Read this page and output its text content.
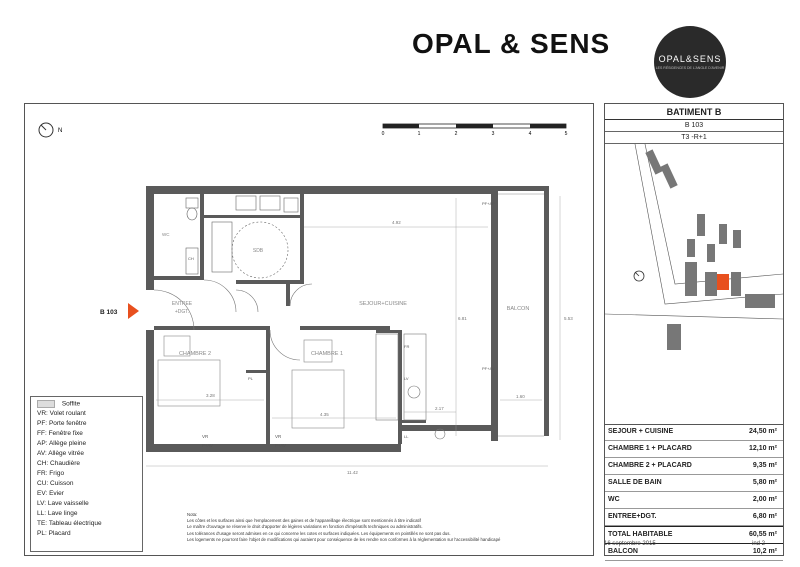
OPAL & SENS	OPAL&SENS
LES RÉSIDENCES DE L'ANGLE D'AVENIR
N	0	1	2	3	4	5
SDB
ENTREE
+DGT.
SEJOUR+CUISINE
BALCON
CHAMBRE 2	CHAMBRE 1
WC
4.92
11.42
3.28
4.35
2.17
1.60
5.53
6.81
VR
F+AV
VR
F+AV
PF+AP
PF+AV
FR
LV
LL
CH
PL
B 103
Soffite
VR: Volet roulant
PF: Porte fenêtre
FF: Fenêtre fixe
AP: Allège pleine
AV: Allège vitrée
CH: Chaudière
FR: Frigo
CU: Cuisson
EV: Evier
LV: Lave vaisselle
LL: Lave linge
TE: Tableau électrique
PL: Placard
Nota:
Les côtes et les surfaces ainsi que l'emplacement des gaines et de l'appareillage électrique sont mentionnés à titre indicatif
Le maître d'ouvrage se réserve le droit d'apporter de légères variations en fonction d'impératifs techniques ou administratifs.
Les tolérances d'usage seront admises en ce qui concerne les cotes et surfaces indiquées. Les équipements en pointillés ne sont pas dus.
Les logements ne pourront faire l'objet de modifications qui auraient pour conséquence de les rendre non conformes à la réglementation sur l'accessibilité handicapé
BATIMENT B
B 103
T3 -R+1
SEJOUR + CUISINE	24,50 m²
CHAMBRE 1 + PLACARD	12,10 m²
CHAMBRE 2 + PLACARD	9,35 m²
SALLE DE BAIN	5,80 m²
WC	2,00 m²
ENTREE+DGT.	6,80 m²
TOTAL HABITABLE	60,55 m²
BALCON	10,2 m²
16 septembre 2015	ind 2
